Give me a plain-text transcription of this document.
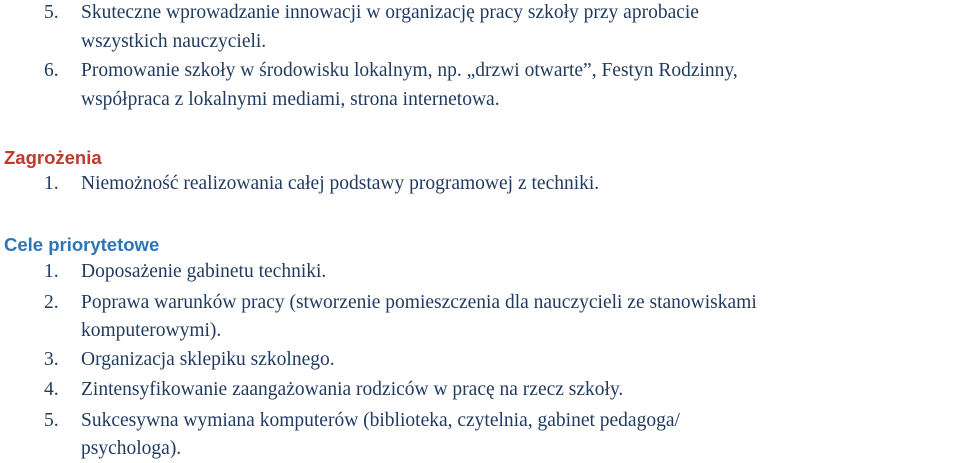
5.	Skuteczne wprowadzanie innowacji w organizację pracy szkoły przy aprobacie
wszystkich nauczycieli.
6.	Promowanie szkoły w środowisku lokalnym, np. „drzwi otwarte”, Festyn Rodzinny,
współpraca z lokalnymi mediami, strona internetowa.
Zagrożenia
1.	Niemożność realizowania całej podstawy programowej z techniki.
Cele priorytetowe
1.	Doposażenie gabinetu techniki.
2.	Poprawa warunków pracy (stworzenie pomieszczenia dla nauczycieli ze stanowiskami
komputerowymi).
3.	Organizacja sklepiku szkolnego.
4.	Zintensyfikowanie zaangażowania rodziców w pracę na rzecz szkoły.
5.	Sukcesywna wymiana komputerów (biblioteka, czytelnia, gabinet pedagoga/
psychologa).
